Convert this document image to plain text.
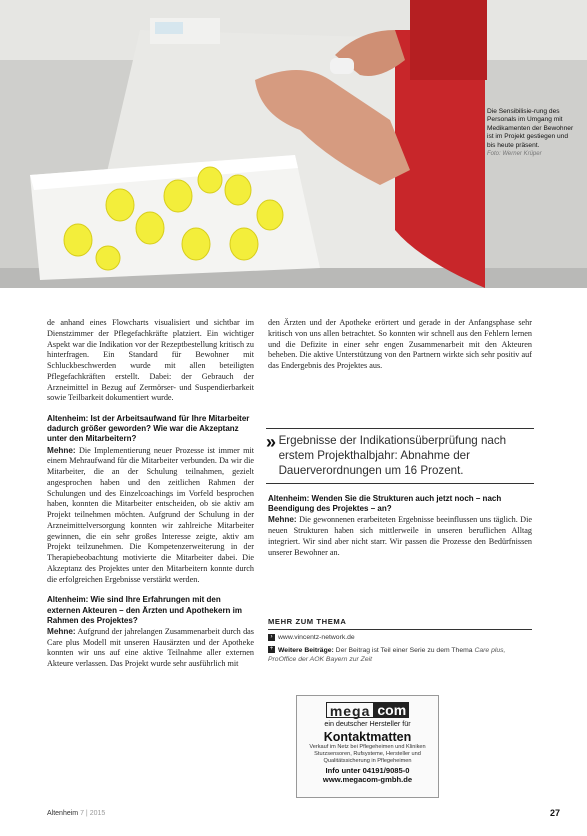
Die Sensibilisie-rung des Personals im Umgang mit Medikamenten der Bewohner ist im Projekt gestiegen und bis heute präsent.
Foto: Werner Krüper

de anhand eines Flowcharts visualisiert und sichtbar im Dienstzimmer der Pflegefachkräfte platziert. Ein wichtiger Aspekt war die Indikation vor der Rezeptbestellung kritisch zu hinterfragen. Ein Standard für Bewohner mit Schluckbeschwerden wurde mit allen beteiligten Pflegefachkräften erstellt. Dabei: der Gebrauch der Arzneimittel in Bezug auf Zermörser- und Suspendierbarkeit sowie Teilbarkeit dokumentiert wurde.

Altenheim: Ist der Arbeitsaufwand für Ihre Mitarbeiter dadurch größer geworden? Wie war die Akzeptanz unter den Mitarbeitern?

Mehne: Die Implementierung neuer Prozesse ist immer mit einem Mehraufwand für die Mitarbeiter verbunden. Da wir die Mitarbeiter, die an der Schulung teilnahmen, gezielt angesprochen haben und den zeitlichen Rahmen der Schulungen und des Einzelcoachings im Vorfeld besprochen haben, konnten die Mitarbeiter entscheiden, ob sie aktiv am Projekt teilnehmen möchten. Aufgrund der Schulung in der Arzneimittelversorgung konnten wir zahlreiche Mitarbeiter gewinnen, die ein sehr großes Interesse zeigte, aktiv am Projekt teilzunehmen. Die Kompetenzerweiterung in der Therapiebeobachtung motivierte die Mitarbeiter dabei. Die Akzeptanz des Projektes unter den Mitarbeitern konnte durch die erfolgreichen Ergebnisse verstärkt werden.

Altenheim: Wie sind Ihre Erfahrungen mit den externen Akteuren – den Ärzten und Apothekern im Rahmen des Projektes?

Mehne: Aufgrund der jahrelangen Zusammenarbeit durch das Care plus Modell mit unseren Hausärzten und der Apotheke konnten wir uns auf eine aktive Teilnahme aller externen Akteure verlassen. Das Projekt wurde sehr ausführlich mit

den Ärzten und der Apotheke erörtert und gerade in der Anfangsphase sehr kritisch von uns allen betrachtet. So konnten wir schnell aus den Fehlern lernen und die Defizite in einer sehr engen Zusammenarbeit mit den Akteuren beheben. Die aktive Unterstützung von den Partnern wirkte sich sehr positiv auf das Endergebnis des Projektes aus.

» Ergebnisse der Indikationsüberprüfung nach erstem Projekthalbjahr: Abnahme der Dauerverordnungen um 16 Prozent.
Altenheim: Wenden Sie die Strukturen auch jetzt noch – nach Beendigung des Projektes – an?

Mehne: Die gewonnenen erarbeiteten Ergebnisse beeinflussen uns täglich. Die neuen Strukturen haben sich mittlerweile in unseren beruflichen Alltag integriert. Wir sind aber nicht starr. Wir passen die Prozesse den Bedürfnissen unserer Bewohner an.

MEHR ZUM THEMA
› www.vincentz-network.de
+ Weitere Beiträge: Der Beitrag ist Teil einer Serie zu dem Thema Care plus, ProOffice der AOK Bayern zur Zeit
mega com
ein deutscher Hersteller für
Kontaktmatten
Verkauf im Netz bei Pflegeheimen und Kliniken
Sturzsensoren, Rufsysteme, Hersteller und
Qualitätssicherung in Pflegeheimen
Info unter 04191/9085-0
www.megacom-gmbh.de
Altenheim 7 | 2015	27
